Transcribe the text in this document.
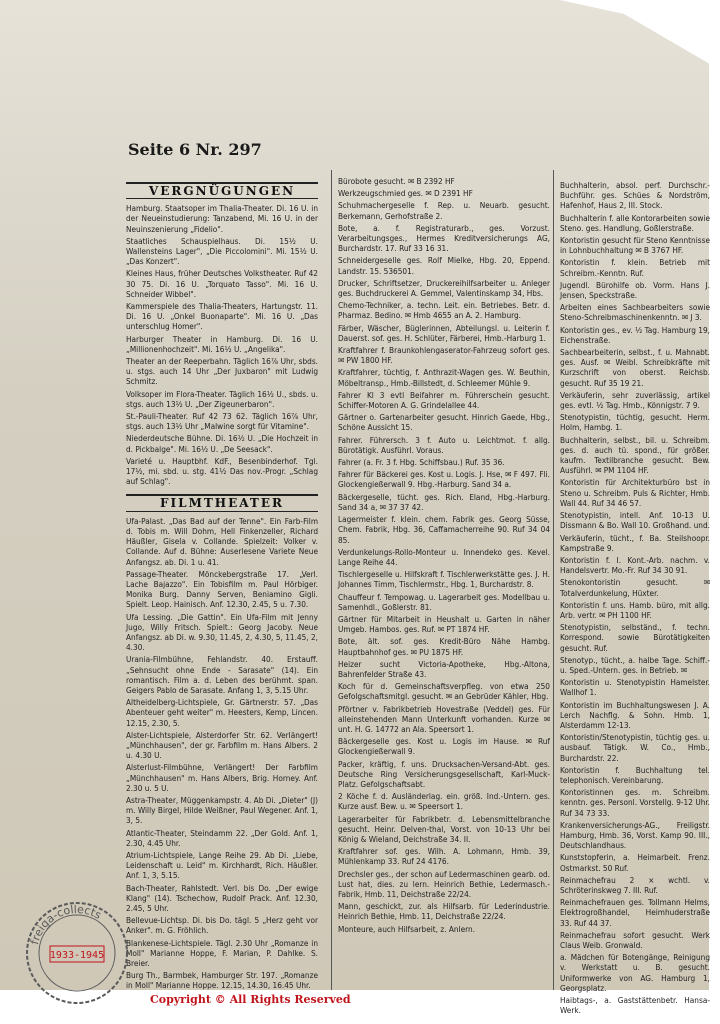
Seite 6 Nr. 297
VERGNÜGUNGEN
Hamburg. Staatsoper im Thalia-Theater. Di. 16 U. in der Neueinstudierung: Tanzabend, Mi. 16 U. in der Neuinszenierung „Fidelio".
Staatliches Schauspielhaus. Di. 15½ U. Wallensteins Lager", „Die Piccolomini". Mi. 15½ U. „Das Konzert".
Kleines Haus, früher Deutsches Volkstheater. Ruf 42 30 75. Di. 16 U. „Torquato Tasso". Mi. 16 U. Schneider Wibbel".
Kammerspiele des Thalia-Theaters, Hartungstr. 11. Di. 16 U. „Onkel Buonaparte". Mi. 16 U. „Das unterschlug Homer".
Harburger Theater in Hamburg. Di. 16 U. „Millionenhochzeit". Mi. 16½ U. „Angelika".
Theater an der Reeperbahn. Täglich 16⅞ Uhr, sbds. u. stgs. auch 14 Uhr „Der Juxbaron" mit Ludwig Schmitz.
Volksoper im Flora-Theater. Täglich 16½ U., sbds. u. stgs. auch 13½ U. „Der Zigeunerbaron".
St.-Pauli-Theater. Ruf 42 73 62. Täglich 16⅞ Uhr, stgs. auch 13½ Uhr „Malwine sorgt für Vitamine".
Niederdeutsche Bühne. Di. 16½ U. „Die Hochzeit in d. Pickbalge". Mi. 16½ U. „De Seesack".
Varieté u. Hauptbhf. KdF., Besenbinderhof. Tgl. 17½, mi. sbd. u. stg. 41½ Das nov.-Progr. „Schlag auf Schlag".
FILMTHEATER
Ufa-Palast. „Das Bad auf der Tenne". Ein Farb-Film d. Tobis m. Will Dohm, Hell Finkenzeller, Richard Häußler, Gisela v. Collande. Spielzeit: Volker v. Collande. Auf d. Bühne: Auserlesene Variete Neue Anfangsz. ab. Di. 1 u. 41.
Passage-Theater. Mönckebergstraße 17. „Verl. Lache Bajazzo". Ein Tobisfilm m. Paul Hörbiger. Monika Burg. Danny Serven, Beniamino Gigli. Spielt. Leop. Hainisch. Anf. 12.30, 2.45, 5 u. 7.30.
Ufa Lessing. „Die Gattin". Ein Ufa-Film mit Jenny Jugo, Willy Fritsch. Spielt.: Georg Jacoby. Neue Anfangsz. ab Di. w. 9.30, 11.45, 2, 4.30, 5, 11.45, 2, 4.30.
Urania-Filmbühne, Fehlandstr. 40. Erstauff. „Sehnsucht ohne Ende - Sarasate" (14). Ein romantisch. Film a. d. Leben des berühmt. span. Geigers Pablo de Sarasate. Anfang 1, 3, 5.15 Uhr.
Altheidelberg-Lichtspiele, Gr. Gärtnerstr. 57. „Das Abenteuer geht weiter" m. Heesters, Kemp, Lincen. 12.15, 2.30, 5.
Alster-Lichtspiele, Alsterdorfer Str. 62. Verlängert! „Münchhausen", der gr. Farbfilm m. Hans Albers. 2 u. 4.30 U.
Alsterlust-Filmbühne, Verlängert! Der Farbfilm „Münchhausen" m. Hans Albers, Brig. Horney. Anf. 2.30 u. 5 U.
Astra-Theater, Müggenkampstr. 4. Ab Di. „Dieter" (J) m. Willy Birgel, Hilde Weißner, Paul Wegener. Anf. 1, 3, 5.
Atlantic-Theater, Steindamm 22. „Der Gold. Anf. 1, 2.30, 4.45 Uhr.
Atrium-Lichtspiele, Lange Reihe 29. Ab Di. „Liebe, Leidenschaft u. Leid" m. Kirchhardt, Rich. Häußler. Anf. 1, 3, 5.15.
Bach-Theater, Rahlstedt. Verl. bis Do. „Der ewige Klang" (14). Tschechow, Rudolf Prack. Anf. 12.30, 2.45, 5 Uhr.
Bellevue-Lichtsp. Di. bis Do. tägl. 5 „Herz geht vor Anker". m. G. Fröhlich.
Blankenese-Lichtspiele. Tägl. 2.30 Uhr „Romanze in Moll" Marianne Hoppe, F. Marian, P. Dahlke. S. Breier.
Burg Th., Barmbek, Hamburger Str. 197. „Romanze in Moll" Marianne Hoppe. 12.15, 14.30, 16.45 Uhr.
Bürobote gesucht. ✉ B 2392 HF
Werkzeugschmied ges. ✉ D 2391 HF
Schuhmachergeselle f. Rep. u. Neuarb. gesucht. Berkemann, Gerhofstraße 2.
Bote, a. f. Registraturarb., ges. Vorzust. Verarbeitungsges., Hermes Kreditversicherungs AG, Burchardstr. 17. Ruf 33 16 31.
Schneidergeselle ges. Rolf Mielke, Hbg. 20, Eppend. Landstr. 15. 536501.
Drucker, Schriftsetzer, Druckereihilfsarbeiter u. Anleger ges. Buchdruckerei A. Gemmel, Valentinskamp 34, Hbs.
Chemo-Techniker, a. techn. Leit. ein. Betriebes. Betr. d. Pharmaz. Bedino. ✉ Hmb 4655 an A. 2. Hamburg.
Färber, Wäscher, Büglerinnen, Abteilungsl. u. Leiterin f. Dauerst. sof. ges. H. Schlüter, Färberei, Hmb.-Harburg 1.
Kraftfahrer f. Braunkohlengaserator-Fahrzeug sofort ges. ✉ PW 1800 HF.
Kraftfahrer, tüchtig, f. Anthrazit-Wagen ges. W. Beuthin, Möbeltransp., Hmb.-Billstedt, d. Schleemer Mühle 9.
Fahrer Kl 3 evtl Beifahrer m. Führerschein gesucht. Schiffer-Motoren A. G. Grindelallee 44.
Gärtner o. Gartenarbeiter gesucht. Hinrich Gaede, Hbg., Schöne Aussicht 15.
Fahrer. Führersch. 3 f. Auto u. Leichtmot. f. allg. Bürotätigk. Ausführl. Voraus.
Fahrer (a. Fr. 3 f. Hbg. Schiffsbau.) Ruf. 35 36.
Fahrer für Bäckerei ges. Kost u. Logis. J. Hse, ✉ F 497. Fli. Glockengießerwall 9. Hbg.-Harburg. Sand 34 a.
Bäckergeselle, tücht. ges. Rich. Eland, Hbg.-Harburg. Sand 34 a, ✉ 37 37 42.
Lagermeister f. klein. chem. Fabrik ges. Georg Süsse, Chem. Fabrik, Hbg. 36, Caffamacherreihe 90. Ruf 34 04 85.
Verdunkelungs-Rollo-Monteur u. Innendeko ges. Kevel. Lange Reihe 44.
Tischlergeselle u. Hilfskraft f. Tischlerwerkstätte ges. J. H. Johannes Timm, Tischlermstr., Hbg. 1, Burchardstr. 8.
Chauffeur f. Tempowag. u. Lagerarbeit ges. Modellbau u. Samenhdl., Goßlerstr. 81.
Gärtner für Mitarbeit in Heushalt u. Garten in näher Umgeb. Hambos. ges. Ruf. ✉ PT 1874 HF.
Bote, ält. sof. ges. Kredit-Büro Nähe Hambg. Hauptbahnhof ges. ✉ PU 1875 HF.
Heizer sucht Victoria-Apotheke, Hbg.-Altona, Bahrenfelder Straße 43.
Koch für d. Gemeinschaftsverpfleg. von etwa 250 Gefolgschaftsmitgl. gesucht. ✉ an Gebrüder Kähler, Hbg.
Pförtner v. Fabrikbetrieb Hovestraße (Veddel) ges. Für alleinstehenden Mann Unterkunft vorhanden. Kurze ✉ unt. H. G. 14772 an Ala. Speersort 1.
Bäckergeselle ges. Kost u. Logis im Hause. ✉ Ruf Glockengießerwall 9.
Packer, kräftig, f. uns. Drucksachen-Versand-Abt. ges. Deutsche Ring Versicherungsgesellschaft, Karl-Muck-Platz. Gefolgschaftsabt.
2 Köche f. d. Ausländerlag. ein. größ. Ind.-Untern. ges. Kurze ausf. Bew. u. ✉ Speersort 1.
Lagerarbeiter für Fabrikbetr. d. Lebensmittelbranche gesucht. Heinr. Delven-thal, Vorst. von 10-13 Uhr bei König & Wieland, Deichstraße 34. II.
Kraftfahrer sof. ges. Wilh. A. Lohmann, Hmb. 39, Mühlenkamp 33. Ruf 24 4176.
Drechsler ges., der schon auf Ledermaschinen gearb. od. Lust hat, dies. zu lern. Heinrich Bethie, Ledermasch.-Fabrik, Hmb. 11, Deichstraße 22/24.
Mann, geschickt, zur. als Hilfsarb. für Lederindustrie. Heinrich Bethie, Hmb. 11, Deichstraße 22/24.
Monteure, auch Hilfsarbeit, z. Anlern.
Buchhalterin, absol. perf. Durchschr.-Buchführ. ges. Schües & Nordström, Hafenhof, Haus 2, III. Stock.
Buchhalterin f. alle Kontorarbeiten sowie Steno. ges. Handlung, Goßlerstraße.
Kontoristin gesucht für Steno Kenntnisse in Lohnbuchhaltung ✉ B 3767 HF.
Kontoristin f. klein. Betrieb mit Schreibm.-Kenntn. Ruf.
Jugendl. Bürohilfe ob. Vorm. Hans J. Jensen, Speckstraße.
Arbeiten eines Sachbearbeiters sowie Steno-Schreibmaschinenkenntn. ✉ J 3.
Kontoristin ges., ev. ½ Tag. Hamburg 19, Eichenstraße.
Sachbearbeiterin, selbst., f. u. Mahnabt. ges. Ausf. ✉ Weibl. Schreibkräfte mit Kurzschrift von oberst. Reichsb. gesucht. Ruf 35 19 21.
Verkäuferin, sehr zuverlässig, artikel ges. evtl. ½ Tag. Hmb., Könnigstr. 7 9.
Stenotypistin, tüchtig, gesucht. Herm. Holm, Hambg. 1.
Buchhalterin, selbst., bil. u. Schreibm. ges. d. auch tü. spond., für größer. kaufm. Textilbranche gesucht. Bew. Ausführl. ✉ PM 1104 HF.
Kontoristin für Architekturbüro bst in Steno u. Schreibm. Puls & Richter, Hmb. Wall 44. Ruf 34 46 57.
Stenotypistin, intell. Anf. 10-13 U. Dissmann & Bo. Wall 10. Großhand. und.
Verkäuferin, tücht., f. Ba. Steilshoopr. Kampstraße 9.
Kontoristin f. I. Kont.-Arb. nachm. v. Handelsvertr. Mo.-Fr. Ruf 34 30 91.
Stenokontoristin gesucht. ✉ Totalverdunkelung, Hüxter.
Kontoristin f. uns. Hamb. büro, mit allg. Arb. vertr. ✉ PH 1100 HF.
Stenotypistin, selbständ., f. techn. Korrespond. sowie Bürotätigkeiten gesucht. Ruf.
Stenotyp., tücht., a. halbe Tage. Schiff.- u. Sped.-Untern. ges. in Betrieb. ✉
Kontoristin u. Stenotypistin Hamelster. Wallhof 1.
Kontoristin im Buchhaltungswesen J. A. Lerch Nachflg. & Sohn. Hmb. 1, Alsterdamm 12-13.
Kontoristin/Stenotypistin, tüchtig ges. u. ausbauf. Tätigk. W. Co., Hmb., Burchardstr. 22.
Kontoristin f. Buchhaltung tel. telephonisch. Vereinbarung.
Kontoristinnen ges. m. Schreibm. kenntn. ges. Personl. Vorstellg. 9-12 Uhr. Ruf 34 73 33.
Krankenversicherungs-AG., Freiligstr. Hamburg, Hmb. 36, Vorst. Kamp 90. III., Deutschlandhaus.
Kunststopferin, a. Heimarbeit. Frenz. Ostmarkst. 50 Ruf.
Reinmachefrau 2 × wchtl. v. Schröterinskweg 7. III. Ruf.
Reinmachefrauen ges. Tollmann Helms, Elektrogroßhandel, Heimhuderstraße 33. Ruf 44 37.
Reinmachefrau sofort gesucht. Werk Claus Weib. Gronwald.
a. Mädchen für Botengänge, Reinigung v. Werkstatt u. B. gesucht. Uniformwerke von AG. Hamburg 1, Georgsplatz.
Haibtags-, a. Gaststättenbetr. Hansa-Werk.
freiga-collects
1933-1945
Copyright © All Rights Reserved
